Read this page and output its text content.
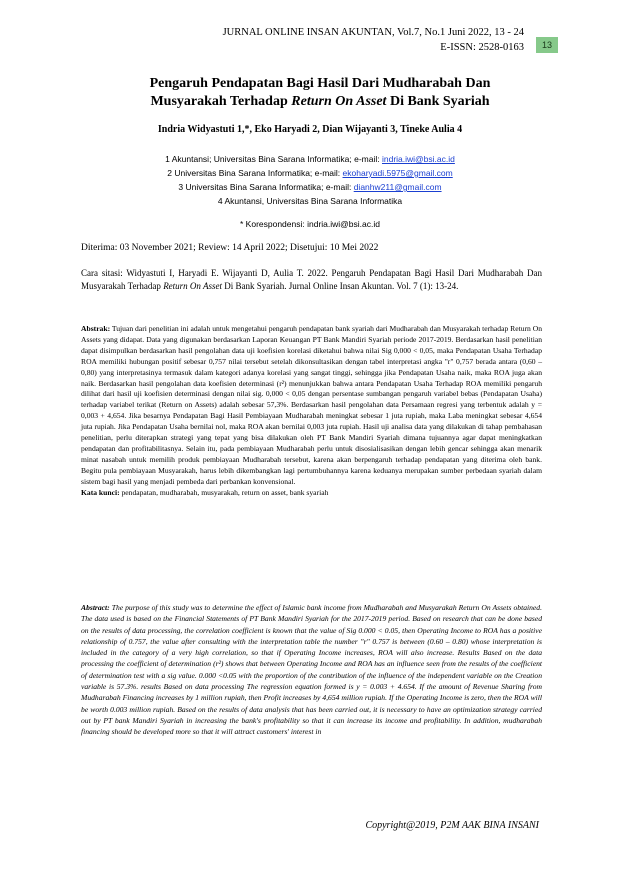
JURNAL ONLINE INSAN AKUNTAN, Vol.7, No.1 Juni 2022, 13 - 24
E-ISSN: 2528-0163	13
Pengaruh Pendapatan Bagi Hasil Dari Mudharabah Dan
Musyarakah Terhadap Return On Asset Di Bank Syariah
Indria Widyastuti 1,*, Eko Haryadi 2, Dian Wijayanti 3, Tineke Aulia 4
1 Akuntansi; Universitas Bina Sarana Informatika; e-mail: indria.iwi@bsi.ac.id
2 Universitas Bina Sarana Informatika; e-mail: ekoharyadi.5975@gmail.com
3 Universitas Bina Sarana Informatika; e-mail: dianhw211@gmail.com
4 Akuntansi, Universitas Bina Sarana Informatika
* Korespondensi: indria.iwi@bsi.ac.id
Diterima: 03 November 2021; Review: 14 April 2022; Disetujui: 10 Mei 2022
Cara sitasi: Widyastuti I, Haryadi E. Wijayanti D, Aulia T. 2022. Pengaruh Pendapatan Bagi Hasil Dari Mudharabah Dan Musyarakah Terhadap Return On Asset Di Bank Syariah. Jurnal Online Insan Akuntan. Vol. 7 (1): 13-24.
Abstrak: Tujuan dari penelitian ini adalah untuk mengetahui pengaruh pendapatan bank syariah dari Mudharabah dan Musyarakah terhadap Return On Assets yang didapat. Data yang digunakan berdasarkan Laporan Keuangan PT Bank Mandiri Syariah periode 2017-2019. Berdasarkan hasil penelitian dapat disimpulkan berdasarkan hasil pengolahan data uji koefisien korelasi diketahui bahwa nilai Sig 0,000 < 0,05, maka Pendapatan Usaha Terhadap ROA memiliki hubungan positif sebesar 0,757 nilai tersebut setelah dikonsultasikan dengan tabel interpretasi angka "r" 0,757 berada antara (0,60 – 0,80) yang interpretasinya termasuk dalam kategori adanya korelasi yang sangat tinggi, sehingga jika Pendapatan Usaha naik, maka ROA juga akan naik. Berdasarkan hasil pengolahan data koefisien determinasi (r²) menunjukkan bahwa antara Pendapatan Usaha Terhadap ROA memiliki pengaruh dilihat dari hasil uji koefisien determinasi dengan nilai sig. 0,000 < 0,05 dengan persentase sumbangan pengaruh variabel bebas (Pendapatan Usaha) terhadap variabel terikat (Return on Assets) adalah sebesar 57,3%. Berdasarkan hasil pengolahan data Persamaan regresi yang terbentuk adalah y = 0,003 + 4,654. Jika besarnya Pendapatan Bagi Hasil Pembiayaan Mudharabah meningkat sebesar 1 juta rupiah, maka Laba meningkat sebesar 4,654 juta rupiah. Jika Pendapatan Usaha bernilai nol, maka ROA akan bernilai 0,003 juta rupiah. Hasil uji analisa data yang dilakukan di tahap pembahasan penelitian, perlu diterapkan strategi yang tepat yang bisa dilakukan oleh PT Bank Mandiri Syariah dimana tujuannya agar dapat meningkatkan pendapatan dan profitabilitasnya. Selain itu, pada pembiayaan Mudharabah perlu untuk disosialisasikan dengan lebih gencar sehingga akan menarik minat nasabah untuk memilih produk pembiayaan Mudharabah tersebut, karena akan berpengaruh terhadap pendapatan yang diterima oleh bank. Begitu pula pembiayaan Musyarakah, harus lebih dikembangkan lagi pertumbuhannya karena keduanya merupakan sumber perbedaan syariah dalam sistem bagi hasil yang menjadi pembeda dari perbankan konvensional.
Kata kunci: pendapatan, mudharabah, musyarakah, return on asset, bank syariah
Abstract: The purpose of this study was to determine the effect of Islamic bank income from Mudharabah and Musyarakah Return On Assets obtained. The data used is based on the Financial Statements of PT Bank Mandiri Syariah for the 2017-2019 period. Based on research that can be done based on the results of data processing, the correlation coefficient is known that the value of Sig 0.000 < 0.05, then Operating Income to ROA has a positive relationship of 0.757, the value after consulting with the interpretation table the number "r" 0.757 is between (0.60 – 0.80) whose interpretation is included in the category of a very high correlation, so that if Operating Income increases, ROA will also increase. Results Based on the data processing the coefficient of determination (r²) shows that between Operating Income and ROA has an influence seen from the results of the coefficient of determination test with a sig value. 0.000 <0.05 with the proportion of the contribution of the influence of the independent variable on the Creation variable is 57.3%. results Based on data processing The regression equation formed is y = 0.003 + 4.654. If the amount of Revenue Sharing from Mudharabah Financing increases by 1 million rupiah, then Profit increases by 4,654 million rupiah. If the Operating Income is zero, then the ROA will be worth 0.003 million rupiah. Based on the results of data analysis that has been carried out, it is necessary to have an optimization strategy carried out by PT bank Mandiri Syariah in increasing the bank's profitability so that it can increase its income and profitability. In addition, mudharabah financing should be developed more so that it will attract customers' interest in
Copyright@2019, P2M AAK BINA INSANI
